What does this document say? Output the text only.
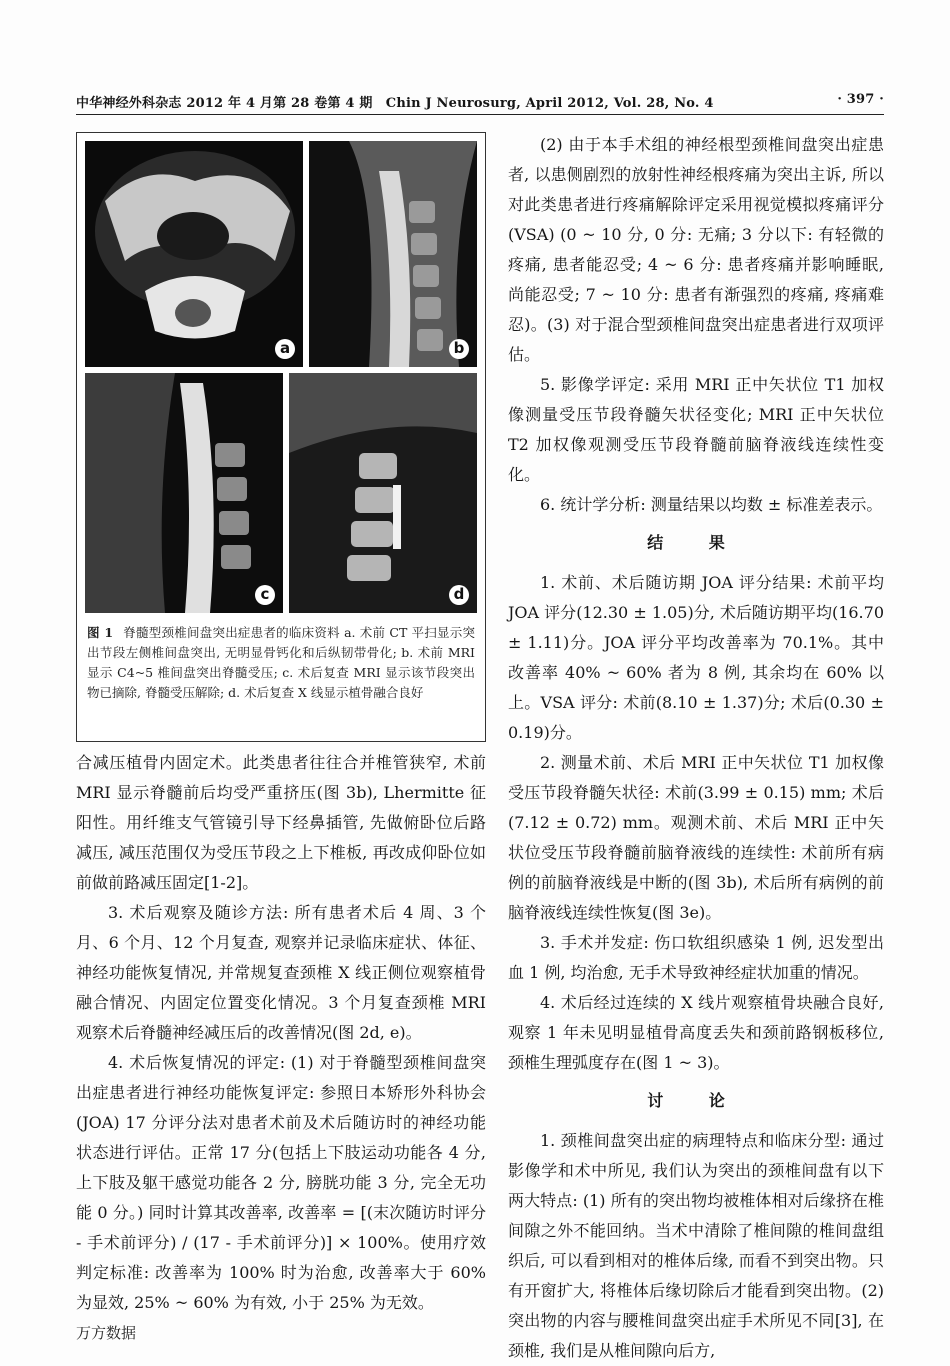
中华神经外科杂志 2012 年 4 月第 28 卷第 4 期　Chin J Neurosurg, April 2012, Vol. 28, No. 4	· 397 ·
a	b
c	d
图 1 脊髓型颈椎间盘突出症患者的临床资料 a. 术前 CT 平扫显示突出节段左侧椎间盘突出, 无明显骨钙化和后纵韧带骨化; b. 术前 MRI 显示 C4~5 椎间盘突出脊髓受压; c. 术后复查 MRI 显示该节段突出物已摘除, 脊髓受压解除; d. 术后复查 X 线显示植骨融合良好

合减压植骨内固定术。此类患者往往合并椎管狭窄, 术前 MRI 显示脊髓前后均受严重挤压(图 3b), Lhermitte 征阳性。用纤维支气管镜引导下经鼻插管, 先做俯卧位后路减压, 减压范围仅为受压节段之上下椎板, 再改成仰卧位如前做前路减压固定[1-2]。

3. 术后观察及随诊方法: 所有患者术后 4 周、3 个月、6 个月、12 个月复查, 观察并记录临床症状、体征、神经功能恢复情况, 并常规复查颈椎 X 线正侧位观察植骨融合情况、内固定位置变化情况。3 个月复查颈椎 MRI 观察术后脊髓神经减压后的改善情况(图 2d, e)。

4. 术后恢复情况的评定: (1) 对于脊髓型颈椎间盘突出症患者进行神经功能恢复评定: 参照日本矫形外科协会(JOA) 17 分评分法对患者术前及术后随访时的神经功能状态进行评估。正常 17 分(包括上下肢运动功能各 4 分, 上下肢及躯干感觉功能各 2 分, 膀胱功能 3 分, 完全无功能 0 分。) 同时计算其改善率, 改善率 = [(末次随访时评分 - 手术前评分) / (17 - 手术前评分)] × 100%。使用疗效判定标准: 改善率为 100% 时为治愈, 改善率大于 60% 为显效, 25% ~ 60% 为有效, 小于 25% 为无效。

(2) 由于本手术组的神经根型颈椎间盘突出症患者, 以患侧剧烈的放射性神经根疼痛为突出主诉, 所以对此类患者进行疼痛解除评定采用视觉模拟疼痛评分(VSA) (0 ~ 10 分, 0 分: 无痛; 3 分以下: 有轻微的疼痛, 患者能忍受; 4 ~ 6 分: 患者疼痛并影响睡眠, 尚能忍受; 7 ~ 10 分: 患者有渐强烈的疼痛, 疼痛难忍)。(3) 对于混合型颈椎间盘突出症患者进行双项评估。

5. 影像学评定: 采用 MRI 正中矢状位 T1 加权像测量受压节段脊髓矢状径变化; MRI 正中矢状位 T2 加权像观测受压节段脊髓前脑脊液线连续性变化。

6. 统计学分析: 测量结果以均数 ± 标准差表示。

结 果

1. 术前、术后随访期 JOA 评分结果: 术前平均 JOA 评分(12.30 ± 1.05)分, 术后随访期平均(16.70 ± 1.11)分。JOA 评分平均改善率为 70.1%。其中改善率 40% ~ 60% 者为 8 例, 其余均在 60% 以上。VSA 评分: 术前(8.10 ± 1.37)分; 术后(0.30 ± 0.19)分。

2. 测量术前、术后 MRI 正中矢状位 T1 加权像受压节段脊髓矢状径: 术前(3.99 ± 0.15) mm; 术后(7.12 ± 0.72) mm。观测术前、术后 MRI 正中矢状位受压节段脊髓前脑脊液线的连续性: 术前所有病例的前脑脊液线是中断的(图 3b), 术后所有病例的前脑脊液线连续性恢复(图 3e)。

3. 手术并发症: 伤口软组织感染 1 例, 迟发型出血 1 例, 均治愈, 无手术导致神经症状加重的情况。

4. 术后经过连续的 X 线片观察植骨块融合良好, 观察 1 年未见明显植骨高度丢失和颈前路钢板移位, 颈椎生理弧度存在(图 1 ~ 3)。

讨 论

1. 颈椎间盘突出症的病理特点和临床分型: 通过影像学和术中所见, 我们认为突出的颈椎间盘有以下两大特点: (1) 所有的突出物均被椎体相对后缘挤在椎间隙之外不能回纳。当术中清除了椎间隙的椎间盘组织后, 可以看到相对的椎体后缘, 而看不到突出物。只有开窗扩大, 将椎体后缘切除后才能看到突出物。(2) 突出物的内容与腰椎间盘突出症手术所见不同[3], 在颈椎, 我们是从椎间隙向后方,

万方数据
